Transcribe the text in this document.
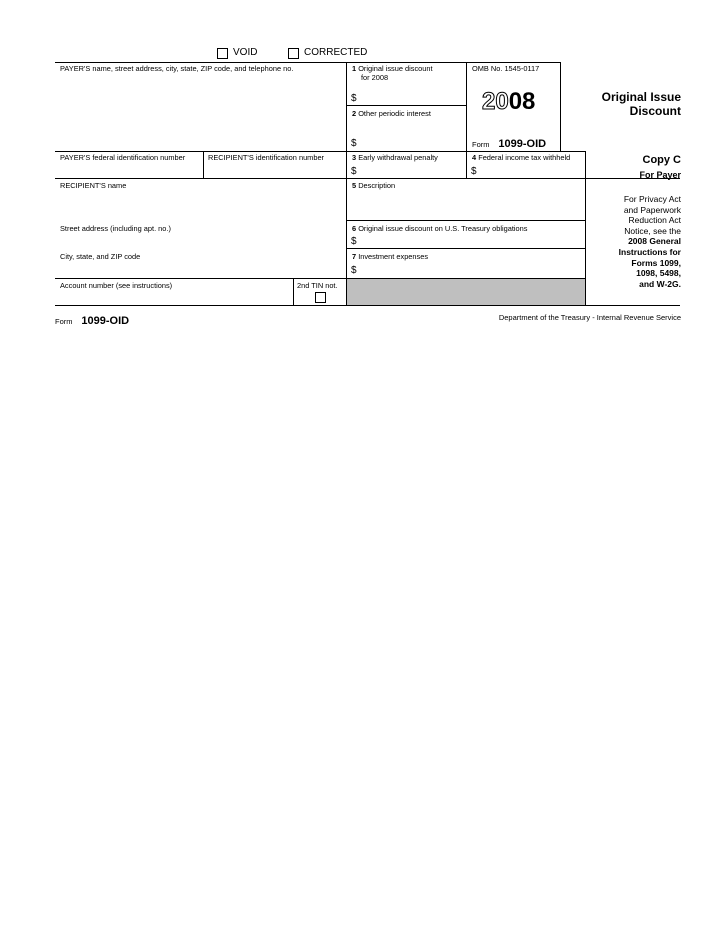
VOID	CORRECTED
PAYER'S name, street address, city, state, ZIP code, and telephone no.	1 Original issue discount
for 2008
$
2 Other periodic interest
$
OMB No. 1545-0117
2008
Form 1099-OID
Original Issue
Discount
PAYER'S federal identification number	RECIPIENT'S identification number	3 Early withdrawal penalty
$
4 Federal income tax withheld
$
Copy C
For Payer
RECIPIENT'S name	5 Description
For Privacy Act
and Paperwork
Reduction Act
Notice, see the
2008 General
Instructions for
Forms 1099,
1098, 5498,
and W-2G.
Street address (including apt. no.)	6 Original issue discount on U.S. Treasury obligations
$
City, state, and ZIP code	7 Investment expenses
$
Account number (see instructions)	2nd TIN not.
Form 1099-OID	Department of the Treasury - Internal Revenue Service
